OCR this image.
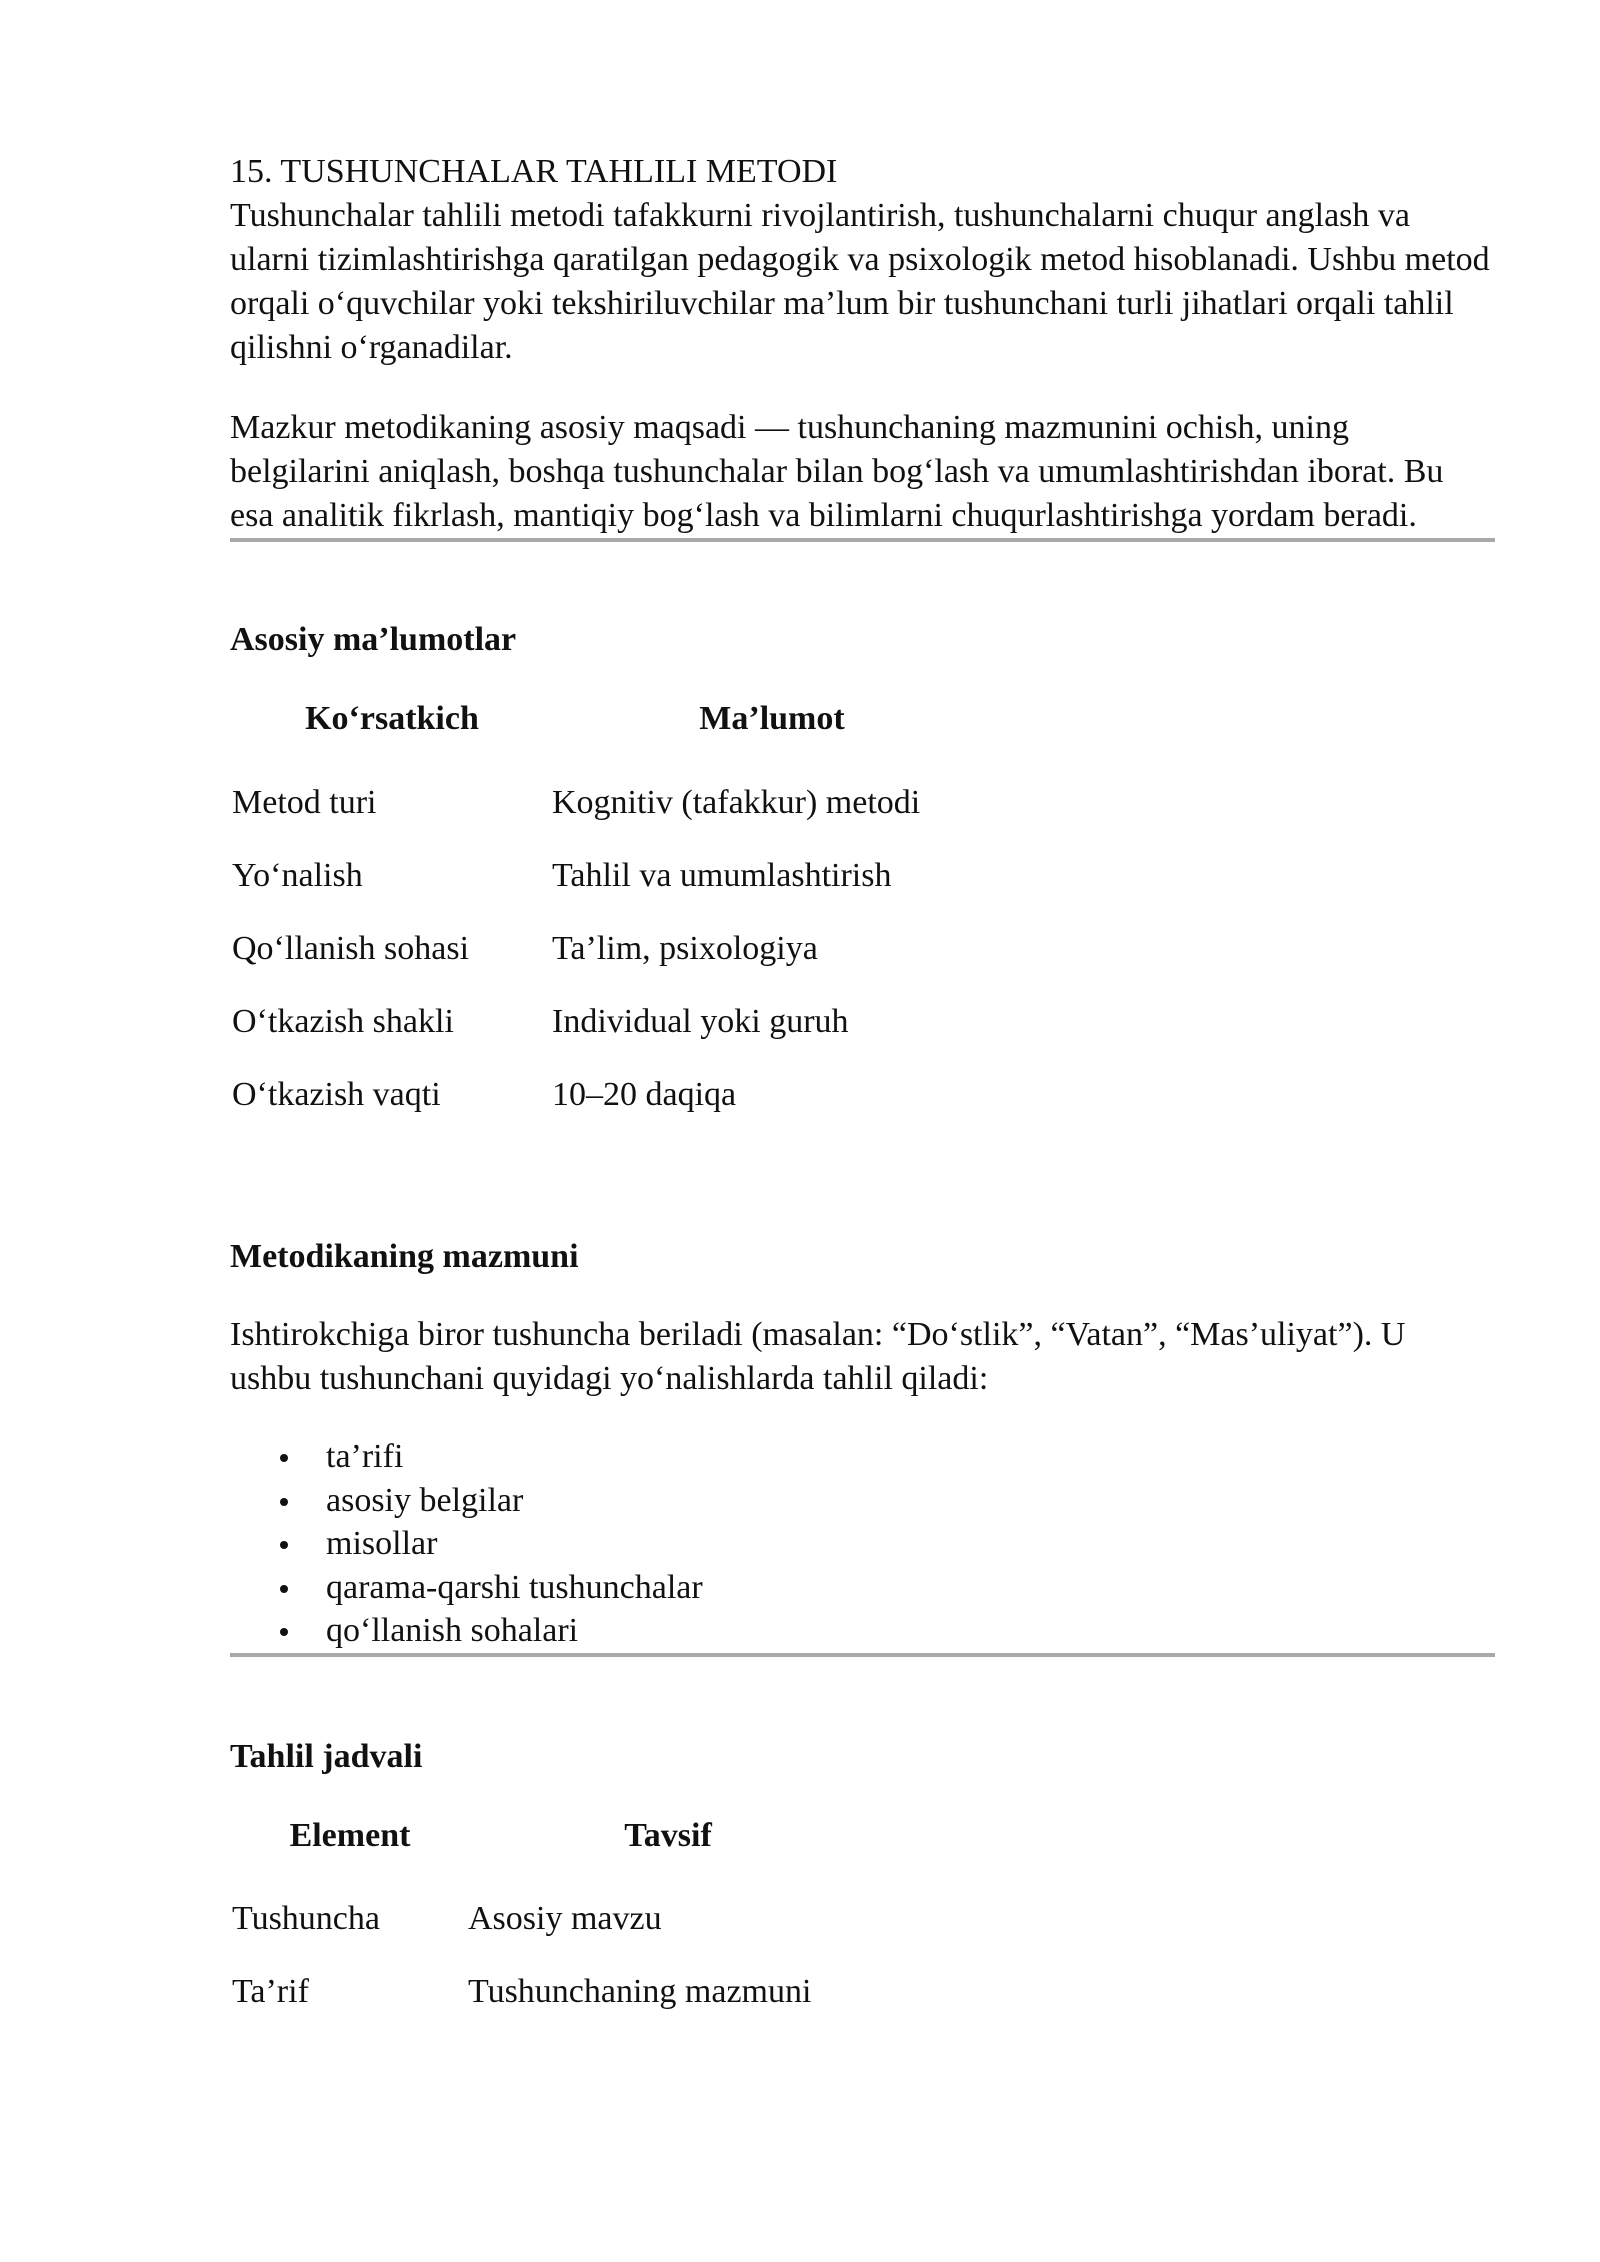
15. TUSHUNCHALAR TAHLILI METODI

Tushunchalar tahlili metodi tafakkurni rivojlantirish, tushunchalarni chuqur anglash va ularni tizimlashtirishga qaratilgan pedagogik va psixologik metod hisoblanadi. Ushbu metod orqali o‘quvchilar yoki tekshiriluvchilar ma’lum bir tushunchani turli jihatlari orqali tahlil qilishni o‘rganadilar.

Mazkur metodikaning asosiy maqsadi — tushunchaning mazmunini ochish, uning belgilarini aniqlash, boshqa tushunchalar bilan bog‘lash va umumlashtirishdan iborat. Bu esa analitik fikrlash, mantiqiy bog‘lash va bilimlarni chuqurlashtirishga yordam beradi.

Asosiy ma’lumotlar
Ko‘rsatkich	Ma’lumot
Metod turi	Kognitiv (tafakkur) metodi
Yo‘nalish	Tahlil va umumlashtirish
Qo‘llanish sohasi	Ta’lim, psixologiya
O‘tkazish shakli	Individual yoki guruh
O‘tkazish vaqti	10–20 daqiqa
Metodikaning mazmuni

Ishtirokchiga biror tushuncha beriladi (masalan: “Do‘stlik”, “Vatan”, “Mas’uliyat”). U ushbu tushunchani quyidagi yo‘nalishlarda tahlil qiladi:

ta’rifi
asosiy belgilar
misollar
qarama-qarshi tushunchalar
qo‘llanish sohalari
Tahlil jadvali
Element	Tavsif
Tushuncha	Asosiy mavzu
Ta’rif	Tushunchaning mazmuni
